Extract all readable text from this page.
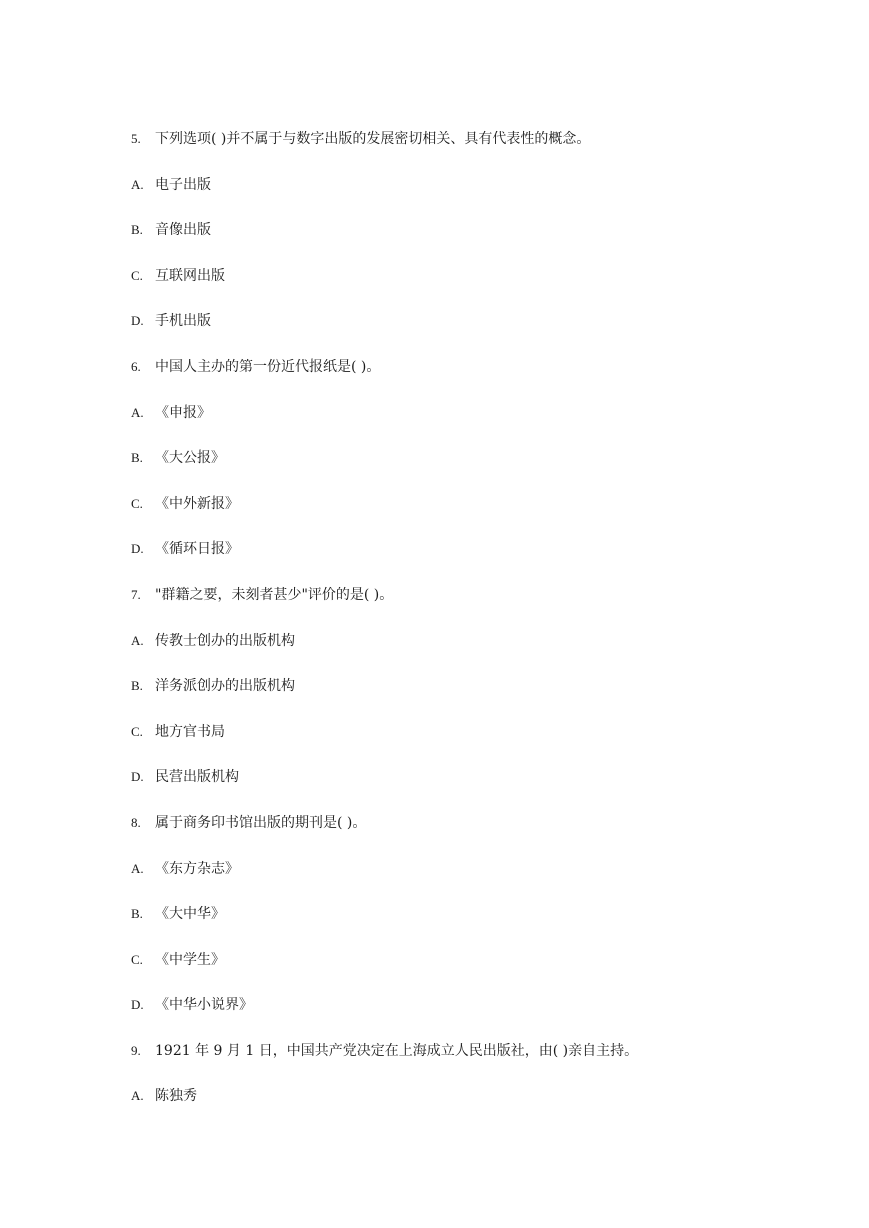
5.	下列选项( )并不属于与数字出版的发展密切相关、具有代表性的概念。
A. 电子出版
B. 音像出版
C. 互联网出版
D. 手机出版
6.	中国人主办的第一份近代报纸是( )。
A. 《申报》
B. 《大公报》
C. 《中外新报》
D. 《循环日报》
7.	"群籍之要，未刻者甚少"评价的是( )。
A. 传教士创办的出版机构
B. 洋务派创办的出版机构
C. 地方官书局
D. 民营出版机构
8.	属于商务印书馆出版的期刊是( )。
A. 《东方杂志》
B. 《大中华》
C. 《中学生》
D. 《中华小说界》
9.	1921 年 9 月 1 日，中国共产党决定在上海成立人民出版社，由( )亲自主持。
A. 陈独秀
